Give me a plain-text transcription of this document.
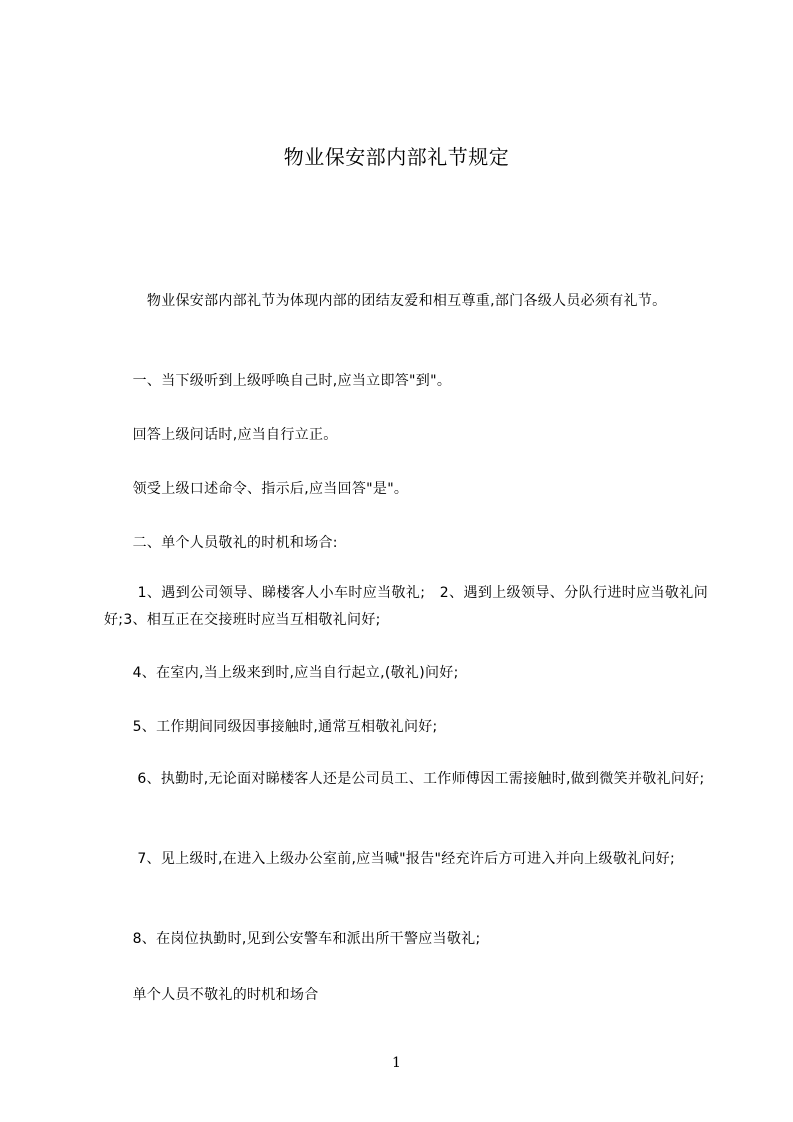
物业保安部内部礼节规定
　　　物业保安部内部礼节为体现内部的团结友爱和相互尊重,部门各级人员必须有礼节。
　　一、当下级听到上级呼唤自己时,应当立即答"到"。
　　回答上级问话时,应当自行立正。
　　领受上级口述命令、指示后,应当回答"是"。
　　二、单个人员敬礼的时机和场合:
　　 1、遇到公司领导、睇楼客人小车时应当敬礼;　2、遇到上级领导、分队行进时应当敬礼问好;3、相互正在交接班时应当互相敬礼问好;
　　4、在室内,当上级来到时,应当自行起立,(敬礼)问好;
　　5、工作期间同级因事接触时,通常互相敬礼问好;
　　 6、执勤时,无论面对睇楼客人还是公司员工、工作师傅因工需接触时,做到微笑并敬礼问好;
　　 7、见上级时,在进入上级办公室前,应当喊"报告"经充许后方可进入并向上级敬礼问好;
　　8、在岗位执勤时,见到公安警车和派出所干警应当敬礼;
　　单个人员不敬礼的时机和场合
1
